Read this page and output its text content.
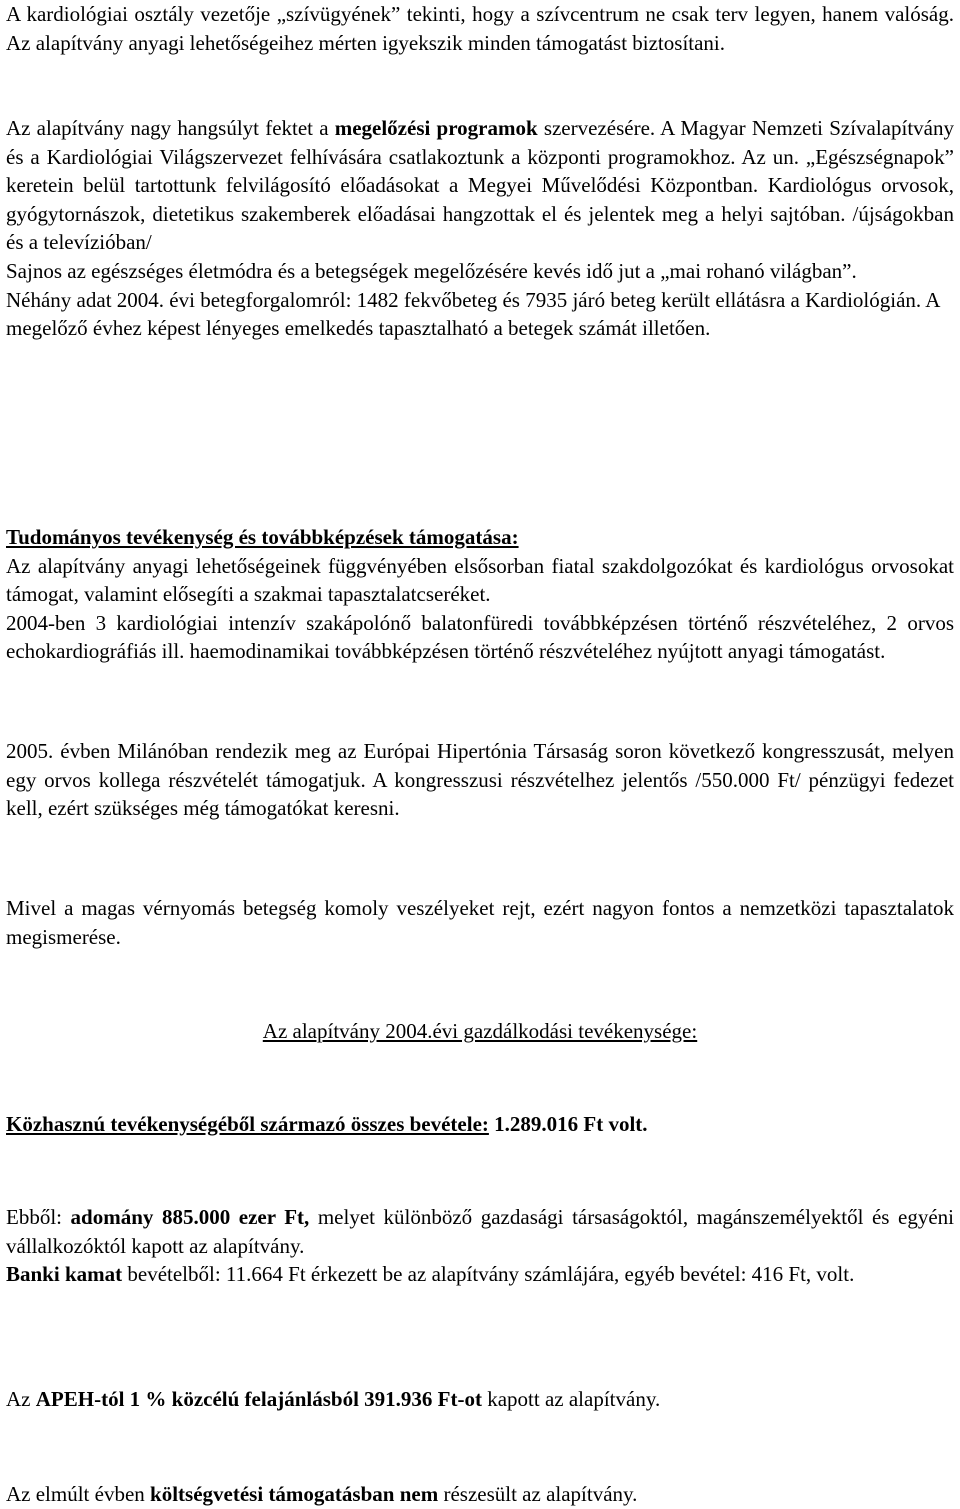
A kardiológiai osztály vezetője „szívügyének” tekinti, hogy a szívcentrum ne csak terv legyen, hanem valóság. Az alapítvány anyagi lehetőségeihez mérten igyekszik minden támogatást biztosítani.

Az alapítvány nagy hangsúlyt fektet a megelőzési programok szervezésére. A Magyar Nemzeti Szívalapítvány és a Kardiológiai Világszervezet felhívására csatlakoztunk a központi programokhoz. Az un. „Egészségnapok” keretein belül tartottunk felvilágosító előadásokat a Megyei Művelődési Központban. Kardiológus orvosok, gyógytornászok, dietetikus szakemberek előadásai hangzottak el és jelentek meg a helyi sajtóban. /újságokban és a televízióban/

Sajnos az egészséges életmódra és a betegségek megelőzésére kevés idő jut a „mai rohanó világban”.

Néhány adat 2004. évi betegforgalomról: 1482 fekvőbeteg és 7935 járó beteg került ellátásra a Kardiológián. A megelőző évhez képest lényeges emelkedés tapasztalható a betegek számát illetően.

Tudományos tevékenység és továbbképzések támogatása:

Az alapítvány anyagi lehetőségeinek függvényében elsősorban fiatal szakdolgozókat és kardiológus orvosokat támogat, valamint elősegíti a szakmai tapasztalatcseréket.

2004-ben 3 kardiológiai intenzív szakápolónő balatonfüredi továbbképzésen történő részvételéhez, 2 orvos echokardiográfiás ill. haemodinamikai továbbképzésen történő részvételéhez nyújtott anyagi támogatást.

2005. évben Milánóban rendezik meg az Európai Hipertónia Társaság soron következő kongresszusát, melyen egy orvos kollega részvételét támogatjuk. A kongresszusi részvételhez jelentős /550.000 Ft/ pénzügyi fedezet kell, ezért szükséges még támogatókat keresni.

Mivel a magas vérnyomás betegség komoly veszélyeket rejt, ezért nagyon fontos a nemzetközi tapasztalatok megismerése.

Az alapítvány 2004.évi gazdálkodási tevékenysége:

Közhasznú tevékenységéből származó összes bevétele: 1.289.016 Ft volt.

Ebből: adomány 885.000 ezer Ft, melyet különböző gazdasági társaságoktól, magánszemélyektől és egyéni vállalkozóktól kapott az alapítvány.

Banki kamat bevételből: 11.664 Ft érkezett be az alapítvány számlájára, egyéb bevétel: 416 Ft, volt.

Az APEH-tól 1 % közcélú felajánlásból 391.936 Ft-ot kapott az alapítvány.

Az elmúlt évben költségvetési támogatásban nem részesült az alapítvány.
